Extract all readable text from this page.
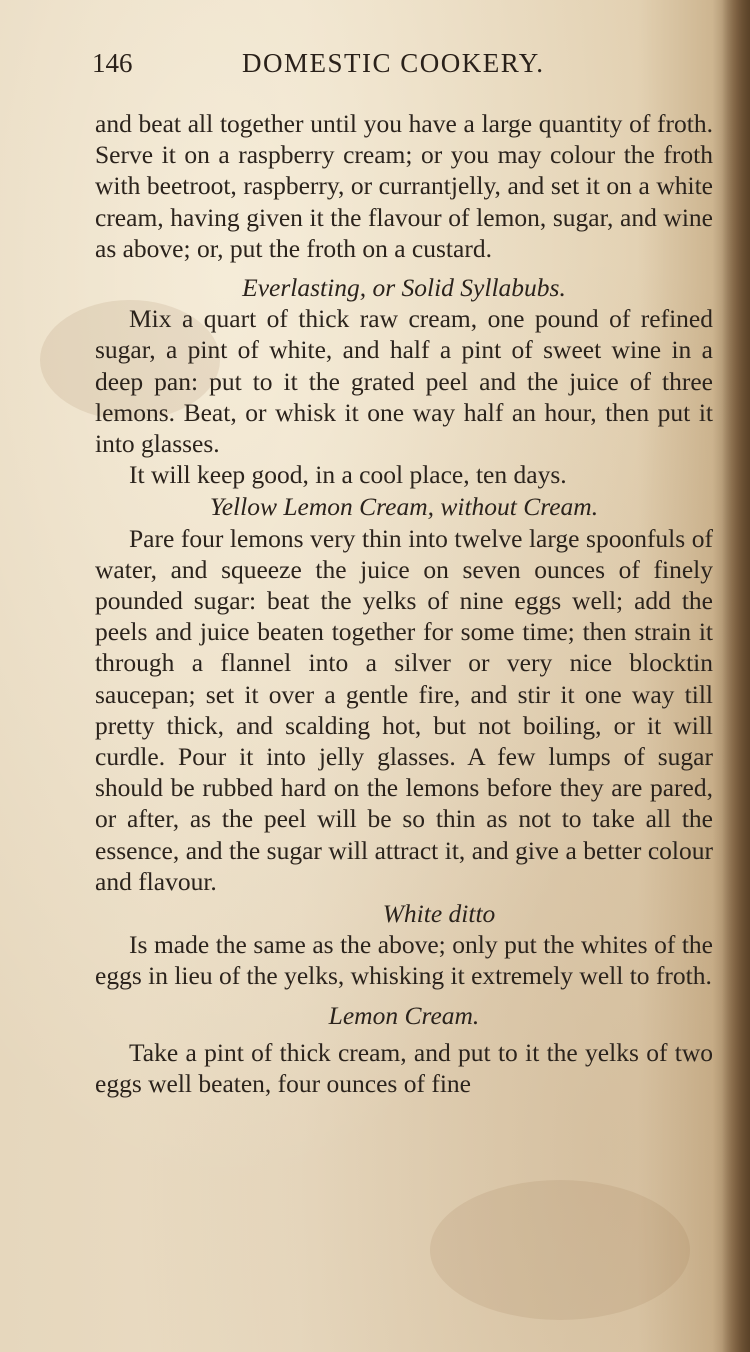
146	DOMESTIC COOKERY.

and beat all together until you have a large quantity of froth. Serve it on a raspberry cream; or you may colour the froth with beetroot, raspberry, or currantjelly, and set it on a white cream, having given it the flavour of lemon, sugar, and wine as above; or, put the froth on a custard.

Everlasting, or Solid Syllabubs.

Mix a quart of thick raw cream, one pound of refined sugar, a pint of white, and half a pint of sweet wine in a deep pan: put to it the grated peel and the juice of three lemons. Beat, or whisk it one way half an hour, then put it into glasses.

It will keep good, in a cool place, ten days.

Yellow Lemon Cream, without Cream.

Pare four lemons very thin into twelve large spoonfuls of water, and squeeze the juice on seven ounces of finely pounded sugar: beat the yelks of nine eggs well; add the peels and juice beaten together for some time; then strain it through a flannel into a silver or very nice blocktin saucepan; set it over a gentle fire, and stir it one way till pretty thick, and scalding hot, but not boiling, or it will curdle. Pour it into jelly glasses. A few lumps of sugar should be rubbed hard on the lemons before they are pared, or after, as the peel will be so thin as not to take all the essence, and the sugar will attract it, and give a better colour and flavour.

White ditto

Is made the same as the above; only put the whites of the eggs in lieu of the yelks, whisking it extremely well to froth.

Lemon Cream.

Take a pint of thick cream, and put to it the yelks of two eggs well beaten, four ounces of fine
